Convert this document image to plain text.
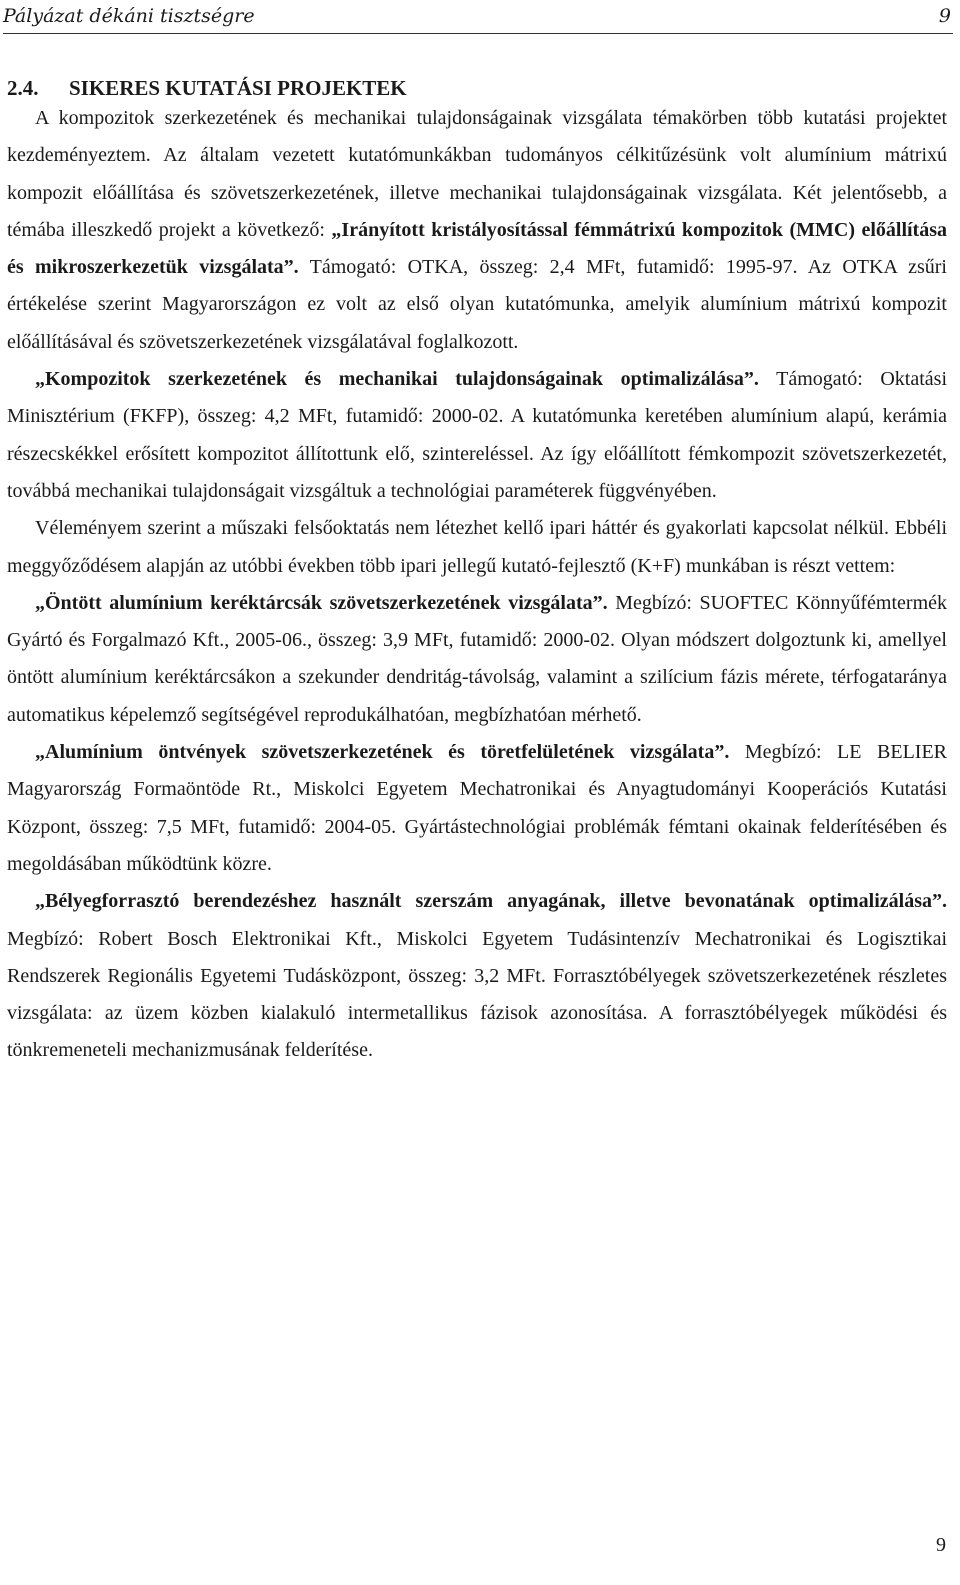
Pályázat dékáni tisztségre	9
2.4. SIKERES KUTATÁSI PROJEKTEK

A kompozitok szerkezetének és mechanikai tulajdonságainak vizsgálata témakörben több kutatási projektet kezdeményeztem. Az általam vezetett kutatómunkákban tudományos célkitűzésünk volt alumínium mátrixú kompozit előállítása és szövetszerkezetének, illetve mechanikai tulajdonságainak vizsgálata. Két jelentősebb, a témába illeszkedő projekt a következő: „Irányított kristályosítással fémmátrixú kompozitok (MMC) előállítása és mikroszerkezetük vizsgálata”. Támogató: OTKA, összeg: 2,4 MFt, futamidő: 1995-97. Az OTKA zsűri értékelése szerint Magyarországon ez volt az első olyan kutatómunka, amelyik alumínium mátrixú kompozit előállításával és szövetszerkezetének vizsgálatával foglalkozott.

„Kompozitok szerkezetének és mechanikai tulajdonságainak optimalizálása”. Támogató: Oktatási Minisztérium (FKFP), összeg: 4,2 MFt, futamidő: 2000-02. A kutatómunka keretében alumínium alapú, kerámia részecskékkel erősített kompozitot állítottunk elő, szintereléssel. Az így előállított fémkompozit szövetszerkezetét, továbbá mechanikai tulajdonságait vizsgáltuk a technológiai paraméterek függvényében.

Véleményem szerint a műszaki felsőoktatás nem létezhet kellő ipari háttér és gyakorlati kapcsolat nélkül. Ebbéli meggyőződésem alapján az utóbbi években több ipari jellegű kutató-fejlesztő (K+F) munkában is részt vettem:

„Öntött alumínium keréktárcsák szövetszerkezetének vizsgálata”. Megbízó: SUOFTEC Könnyűfémtermék Gyártó és Forgalmazó Kft., 2005-06., összeg: 3,9 MFt, futamidő: 2000-02. Olyan módszert dolgoztunk ki, amellyel öntött alumínium keréktárcsákon a szekunder dendritág-távolság, valamint a szilícium fázis mérete, térfogataránya automatikus képelemző segítségével reprodukálhatóan, megbízhatóan mérhető.

„Alumínium öntvények szövetszerkezetének és töretfelületének vizsgálata”. Megbízó: LE BELIER Magyarország Formaöntöde Rt., Miskolci Egyetem Mechatronikai és Anyagtudományi Kooperációs Kutatási Központ, összeg: 7,5 MFt, futamidő: 2004-05. Gyártástechnológiai problémák fémtani okainak felderítésében és megoldásában működtünk közre.

„Bélyegforrasztó berendezéshez használt szerszám anyagának, illetve bevonatának optimalizálása”. Megbízó: Robert Bosch Elektronikai Kft., Miskolci Egyetem Tudásintenzív Mechatronikai és Logisztikai Rendszerek Regionális Egyetemi Tudásközpont, összeg: 3,2 MFt. Forrasztóbélyegek szövetszerkezetének részletes vizsgálata: az üzem közben kialakuló intermetallikus fázisok azonosítása. A forrasztóbélyegek működési és tönkremeneteli mechanizmusának felderítése.

9
